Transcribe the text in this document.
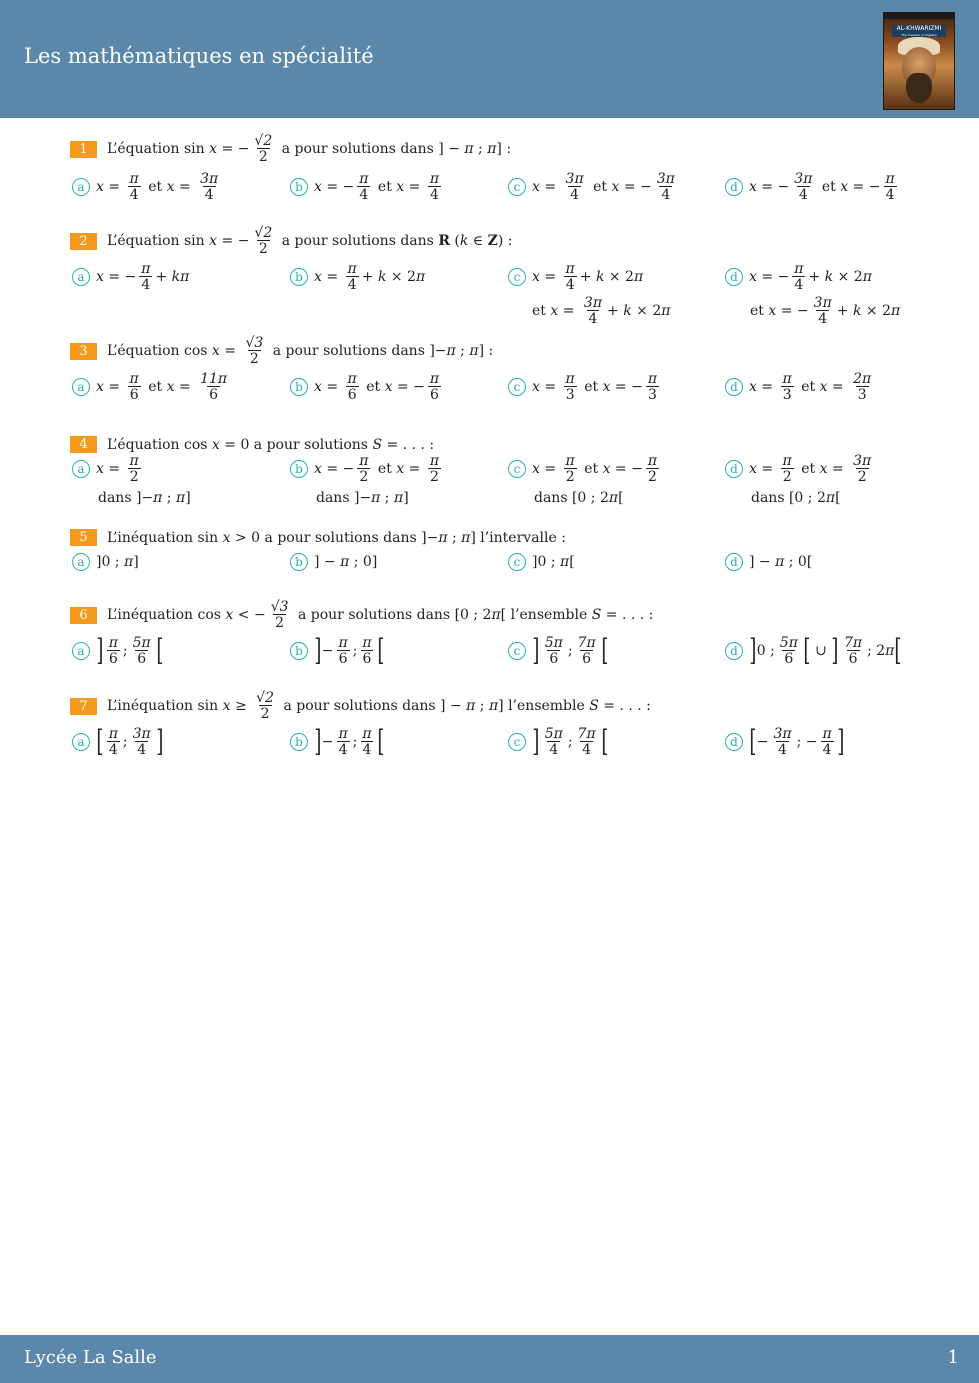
Les mathématiques en spécialité
AL-KHWARIZMI
The Inventor of Algebra
1	L’équation sin x = − $\frac{√2}{2}$ a pour solutions dans ] − π ; π ] :
a $x = \frac{\pi}{4}$ et $x = \frac{3\pi}{4}$	b x = − $\frac{\pi}{4}$ et $x = \frac{\pi}{4}$	c $x = \frac{3\pi}{4}$ et x = − $\frac{3\pi}{4}$	d x = − $\frac{3\pi}{4}$ et x = − $\frac{\pi}{4}$
2	L’équation sin x = − $\frac{√2}{2}$ a pour solutions dans R ( k ∈ Z ) :
a x = − $\frac{\pi}{4} + k\pi$	b $x = \frac{\pi}{4} + k \times 2$ π	c $x = \frac{\pi}{4} + k \times 2$ π
et $x = \frac{3\pi}{4} + k \times 2\pi$
d x = − $\frac{\pi}{4} + k \times 2$ π
et x = − $\frac{3\pi}{4} + k \times 2\pi$
3	L’équation $\cos x = \frac{√3}{2}$ a pour solutions dans ]− π ; π ] :
a $x = \frac{\pi}{6}$ et $x = \frac{11\pi}{6}$	b $x = \frac{\pi}{6}$ et x = − $\frac{\pi}{6}$	c $x = \frac{\pi}{3}$ et x = − $\frac{\pi}{3}$	d $x = \frac{\pi}{3}$ et $x = \frac{2\pi}{3}$
4	L’équation cos x = 0 a pour solutions S = . . . :
a $x = \frac{\pi}{2}$
dans ]−π ; π]
b x = − $\frac{\pi}{2}$ et $x = \frac{\pi}{2}$
dans ]−π ; π]
c $x = \frac{\pi}{2}$ et x = − $\frac{\pi}{2}$
dans [0 ; 2π[
d $x = \frac{\pi}{2}$ et $x = \frac{3\pi}{2}$
dans [0 ; 2π[
5	L’inéquation sin x > 0 a pour solutions dans ]− π ; π ] l’intervalle :
a ]0 ; π ]	b ] − π ; 0]	c ]0 ; π [	d ] − π ; 0[
6	L’inéquation cos x < − $\frac{√3}{2}$ a pour solutions dans [0 ; 2 π [ l’ensemble S = . . . :
a ] $\frac{\pi}{6}$ ; $\frac{5\pi}{6}$ [	b ] − $\frac{\pi}{6}$ ; $\frac{\pi}{6}$ [	c ] $\frac{5\pi}{6}$ ; $\frac{7\pi}{6}$ [	d ] 0 ; $\frac{5\pi}{6}$ [ ∪ ] $\frac{7\pi}{6}$ ; 2 π [
7	L’inéquation $\sin x \ge \frac{√2}{2}$ a pour solutions dans ] − π ; π ] l’ensemble S = . . . :
a [ $\frac{\pi}{4}$ ; $\frac{3\pi}{4}$ ]	b ] − $\frac{\pi}{4}$ ; $\frac{\pi}{4}$ [	c ] $\frac{5\pi}{4}$ ; $\frac{7\pi}{4}$ [	d [ − $\frac{3\pi}{4}$ ; − $\frac{\pi}{4}$ ]
Lycée La Salle	1
